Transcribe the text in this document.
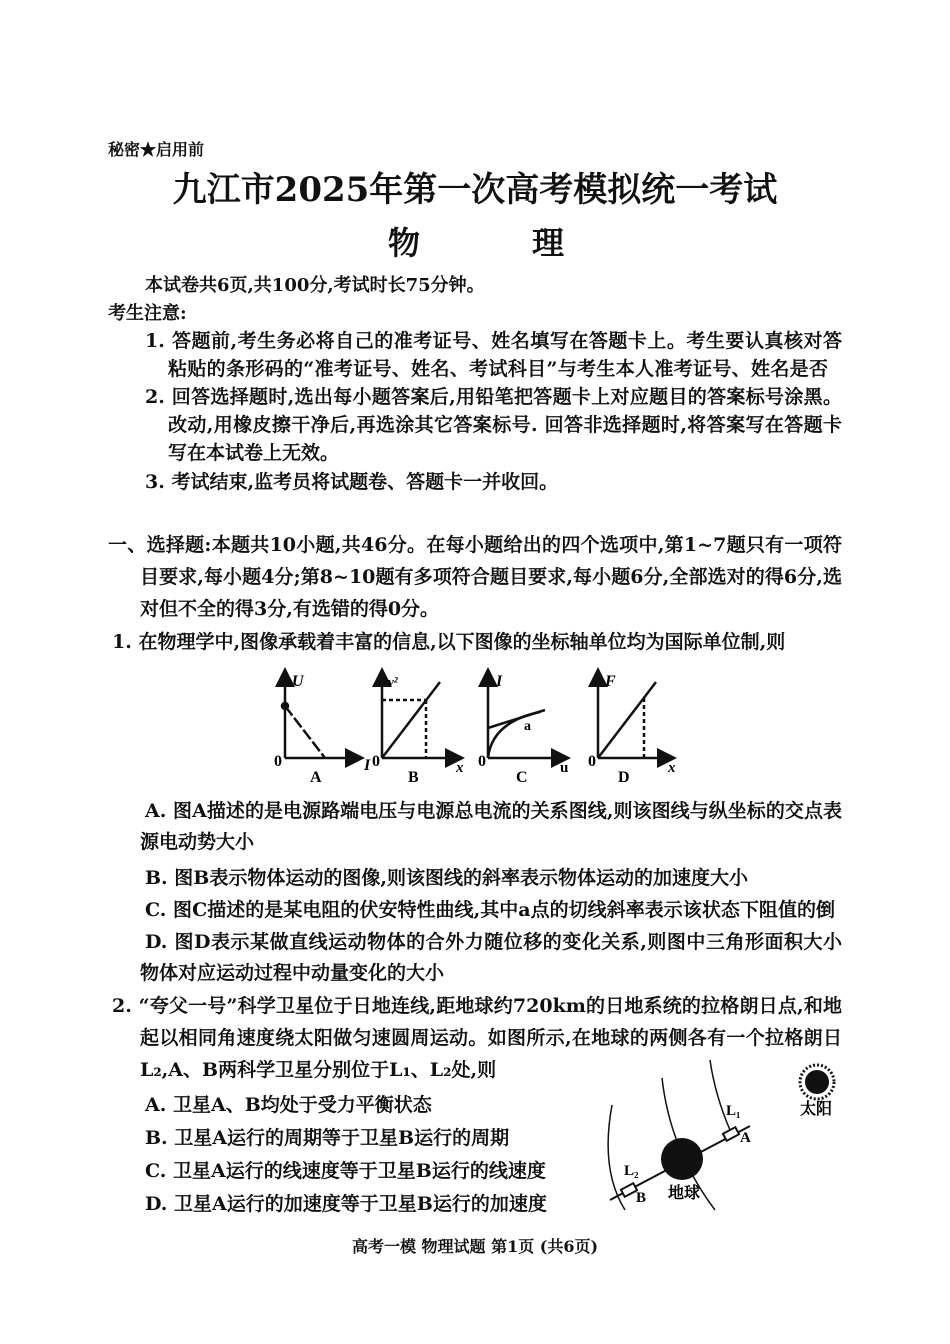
秘密★启用前
九江市2025年第一次高考模拟统一考试
物	理
本试卷共6页,共100分,考试时长75分钟。
考生注意:
1. 答题前,考生务必将自己的准考证号、姓名填写在答题卡上。考生要认真核对答
粘贴的条形码的“准考证号、姓名、考试科目”与考生本人准考证号、姓名是否
2. 回答选择题时,选出每小题答案后,用铅笔把答题卡上对应题目的答案标号涂黑。
改动,用橡皮擦干净后,再选涂其它答案标号. 回答非选择题时,将答案写在答题卡
写在本试卷上无效。
3. 考试结束,监考员将试题卷、答题卡一并收回。
一、选择题:本题共10小题,共46分。在每小题给出的四个选项中,第1~7题只有一项符
目要求,每小题4分;第8~10题有多项符合题目要求,每小题6分,全部选对的得6分,选
对但不全的得3分,有选错的得0分。
1. 在物理学中,图像承载着丰富的信息,以下图像的坐标轴单位均为国际单位制,则
U
0	I
A
v²
0	x
B
I
0	u
a
C
F
0	x
D
A. 图A描述的是电源路端电压与电源总电流的关系图线,则该图线与纵坐标的交点表
源电动势大小
B. 图B表示物体运动的图像,则该图线的斜率表示物体运动的加速度大小
C. 图C描述的是某电阻的伏安特性曲线,其中a点的切线斜率表示该状态下阻值的倒
D. 图D表示某做直线运动物体的合外力随位移的变化关系,则图中三角形面积大小
物体对应运动过程中动量变化的大小
2. “夸父一号”科学卫星位于日地连线,距地球约720km的日地系统的拉格朗日点,和地
起以相同角速度绕太阳做匀速圆周运动。如图所示,在地球的两侧各有一个拉格朗日
L₂,A、B两科学卫星分别位于L₁、L₂处,则
A. 卫星A、B均处于受力平衡状态
B. 卫星A运行的周期等于卫星B运行的周期
C. 卫星A运行的线速度等于卫星B运行的线速度
D. 卫星A运行的加速度等于卫星B运行的加速度
太阳
地球
L₁
L₂
A
B
高考一模 物理试题 第1页 (共6页)
